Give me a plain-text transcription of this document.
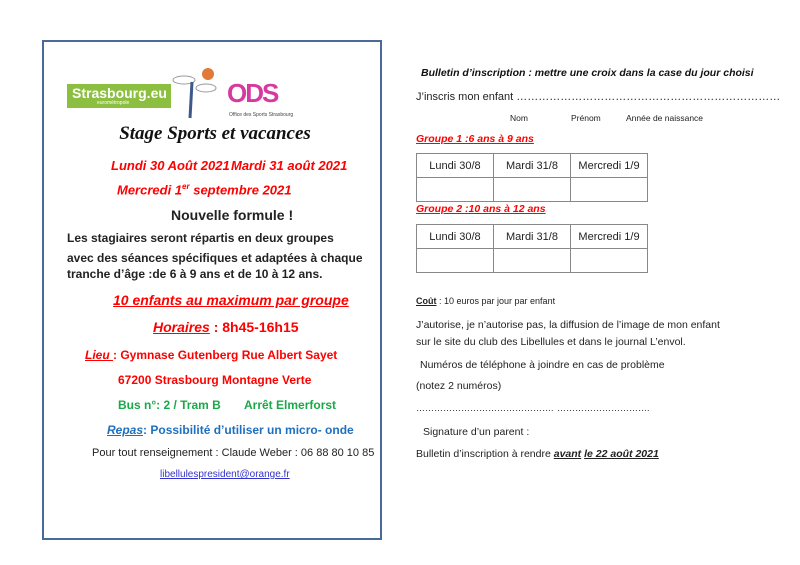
Strasbourg.eu
eurométropole	ODS
Office des Sports Strasbourg
Stage Sports et vacances
Lundi 30 Août 2021 Mardi 31 août 2021
Mercredi 1er septembre 2021
Nouvelle formule !
Les stagiaires seront répartis en deux groupes
avec des séances spécifiques et adaptées à chaque
tranche d’âge :de 6 à 9 ans et de 10 à 12 ans.
10 enfants au maximum par groupe
Horaires : 8h45-16h15
Lieu : Gymnase Gutenberg Rue Albert Sayet
67200 Strasbourg Montagne Verte
Bus n°: 2 / Tram B Arrêt Elmerforst
Repas: Possibilité d’utiliser un micro- onde
Pour tout renseignement : Claude Weber : 06 88 80 10 85
libellulespresident@orange.fr
Bulletin d’inscription : mettre une croix dans la case du jour choisi
J’inscris mon enfant ………………………………………………………………
Nom	Prénom	Année de naissance
Groupe 1 :6 ans à 9 ans
Lundi 30/8	Mardi 31/8	Mercredi 1/9

Groupe 2 :10 ans à 12 ans
Lundi 30/8	Mardi 31/8	Mercredi 1/9

Coût : 10 euros par jour par enfant
J’autorise, je n’autorise pas, la diffusion de l’image de mon enfant
sur le site du club des Libellules et dans le journal L’envol.
Numéros de téléphone à joindre en cas de problème
(notez 2 numéros)
………………………………………. ………………………….
Signature d’un parent :
Bulletin d’inscription à rendre avant le 22 août 2021
